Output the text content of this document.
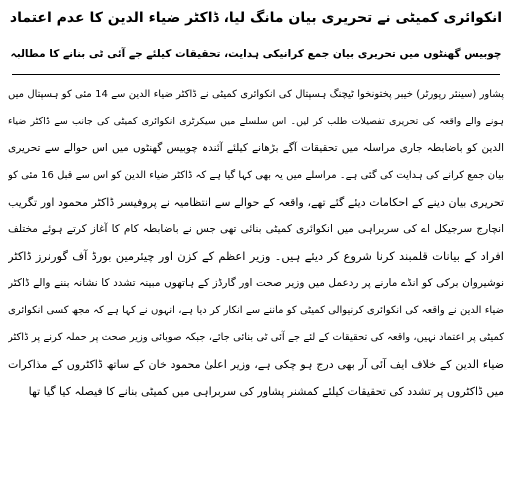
انکوائری کمیٹی نے تحریری بیان مانگ لیا، ڈاکٹر ضیاء الدین کا عدم اعتماد
چوبیس گھنٹوں میں تحریری بیان جمع کرانیکی ہدایت، تحقیقات کیلئے جے آئی ٹی بنانے کا مطالبہ
پشاور (سینئر رپورٹر) خیبر پختونخوا ٹیچنگ ہسپتال کی انکوائری کمیٹی نے ڈاکٹر ضیاء الدین سے 14 مئی کو ہسپتال میں
ہونے والے واقعہ کی تحریری تفصیلات طلب کر لیں۔ اس سلسلے میں سیکرٹری انکوائری کمیٹی کی جانب سے ڈاکٹر ضیاء
الدین کو باضابطہ جاری مراسلہ میں تحقیقات آگے بڑھانے کیلئے آئندہ چوبیس گھنٹوں میں اس حوالے سے تحریری
بیان جمع کرانے کی ہدایت کی گئی ہے۔ مراسلے میں یہ بھی کہا گیا ہے کہ ڈاکٹر ضیاء الدین کو اس سے قبل 16 مئی کو
تحریری بیان دینے کے احکامات دیئے گئے تھے، واقعہ کے حوالے سے انتظامیہ نے پروفیسر ڈاکٹر محمود اور تگریب
انچارج سرجیکل اے کی سربراہی میں انکوائری کمیٹی بنائی تھی جس نے باضابطہ کام کا آغاز کرتے ہوئے مختلف
افراد کے بیانات قلمبند کرنا شروع کر دیئے ہیں۔ وزیر اعظم کے کزن اور چیئرمین بورڈ آف گورنرز ڈاکٹر
نوشیروان برکی کو انڈے مارنے پر ردعمل میں وزیر صحت اور گارڈز کے ہاتھوں مبینہ تشدد کا نشانہ بننے والے ڈاکٹر
ضیاء الدین نے واقعہ کی انکوائری کرنیوالی کمیٹی کو ماننے سے انکار کر دیا ہے، انہوں نے کہا ہے کہ مجھ کسی انکوائری
کمیٹی پر اعتماد نہیں، واقعہ کی تحقیقات کے لئے جے آئی ٹی بنائی جائے، جبکہ صوبائی وزیر صحت پر حملہ کرنے پر ڈاکٹر
ضیاء الدین کے خلاف ایف آئی آر بھی درج ہو چکی ہے، وزیر اعلیٰ محمود خان کے ساتھ ڈاکٹروں کے مذاکرات
میں ڈاکٹروں پر تشدد کی تحقیقات کیلئے کمشنر پشاور کی سربراہی میں کمیٹی بنانے کا فیصلہ کیا گیا تھا
